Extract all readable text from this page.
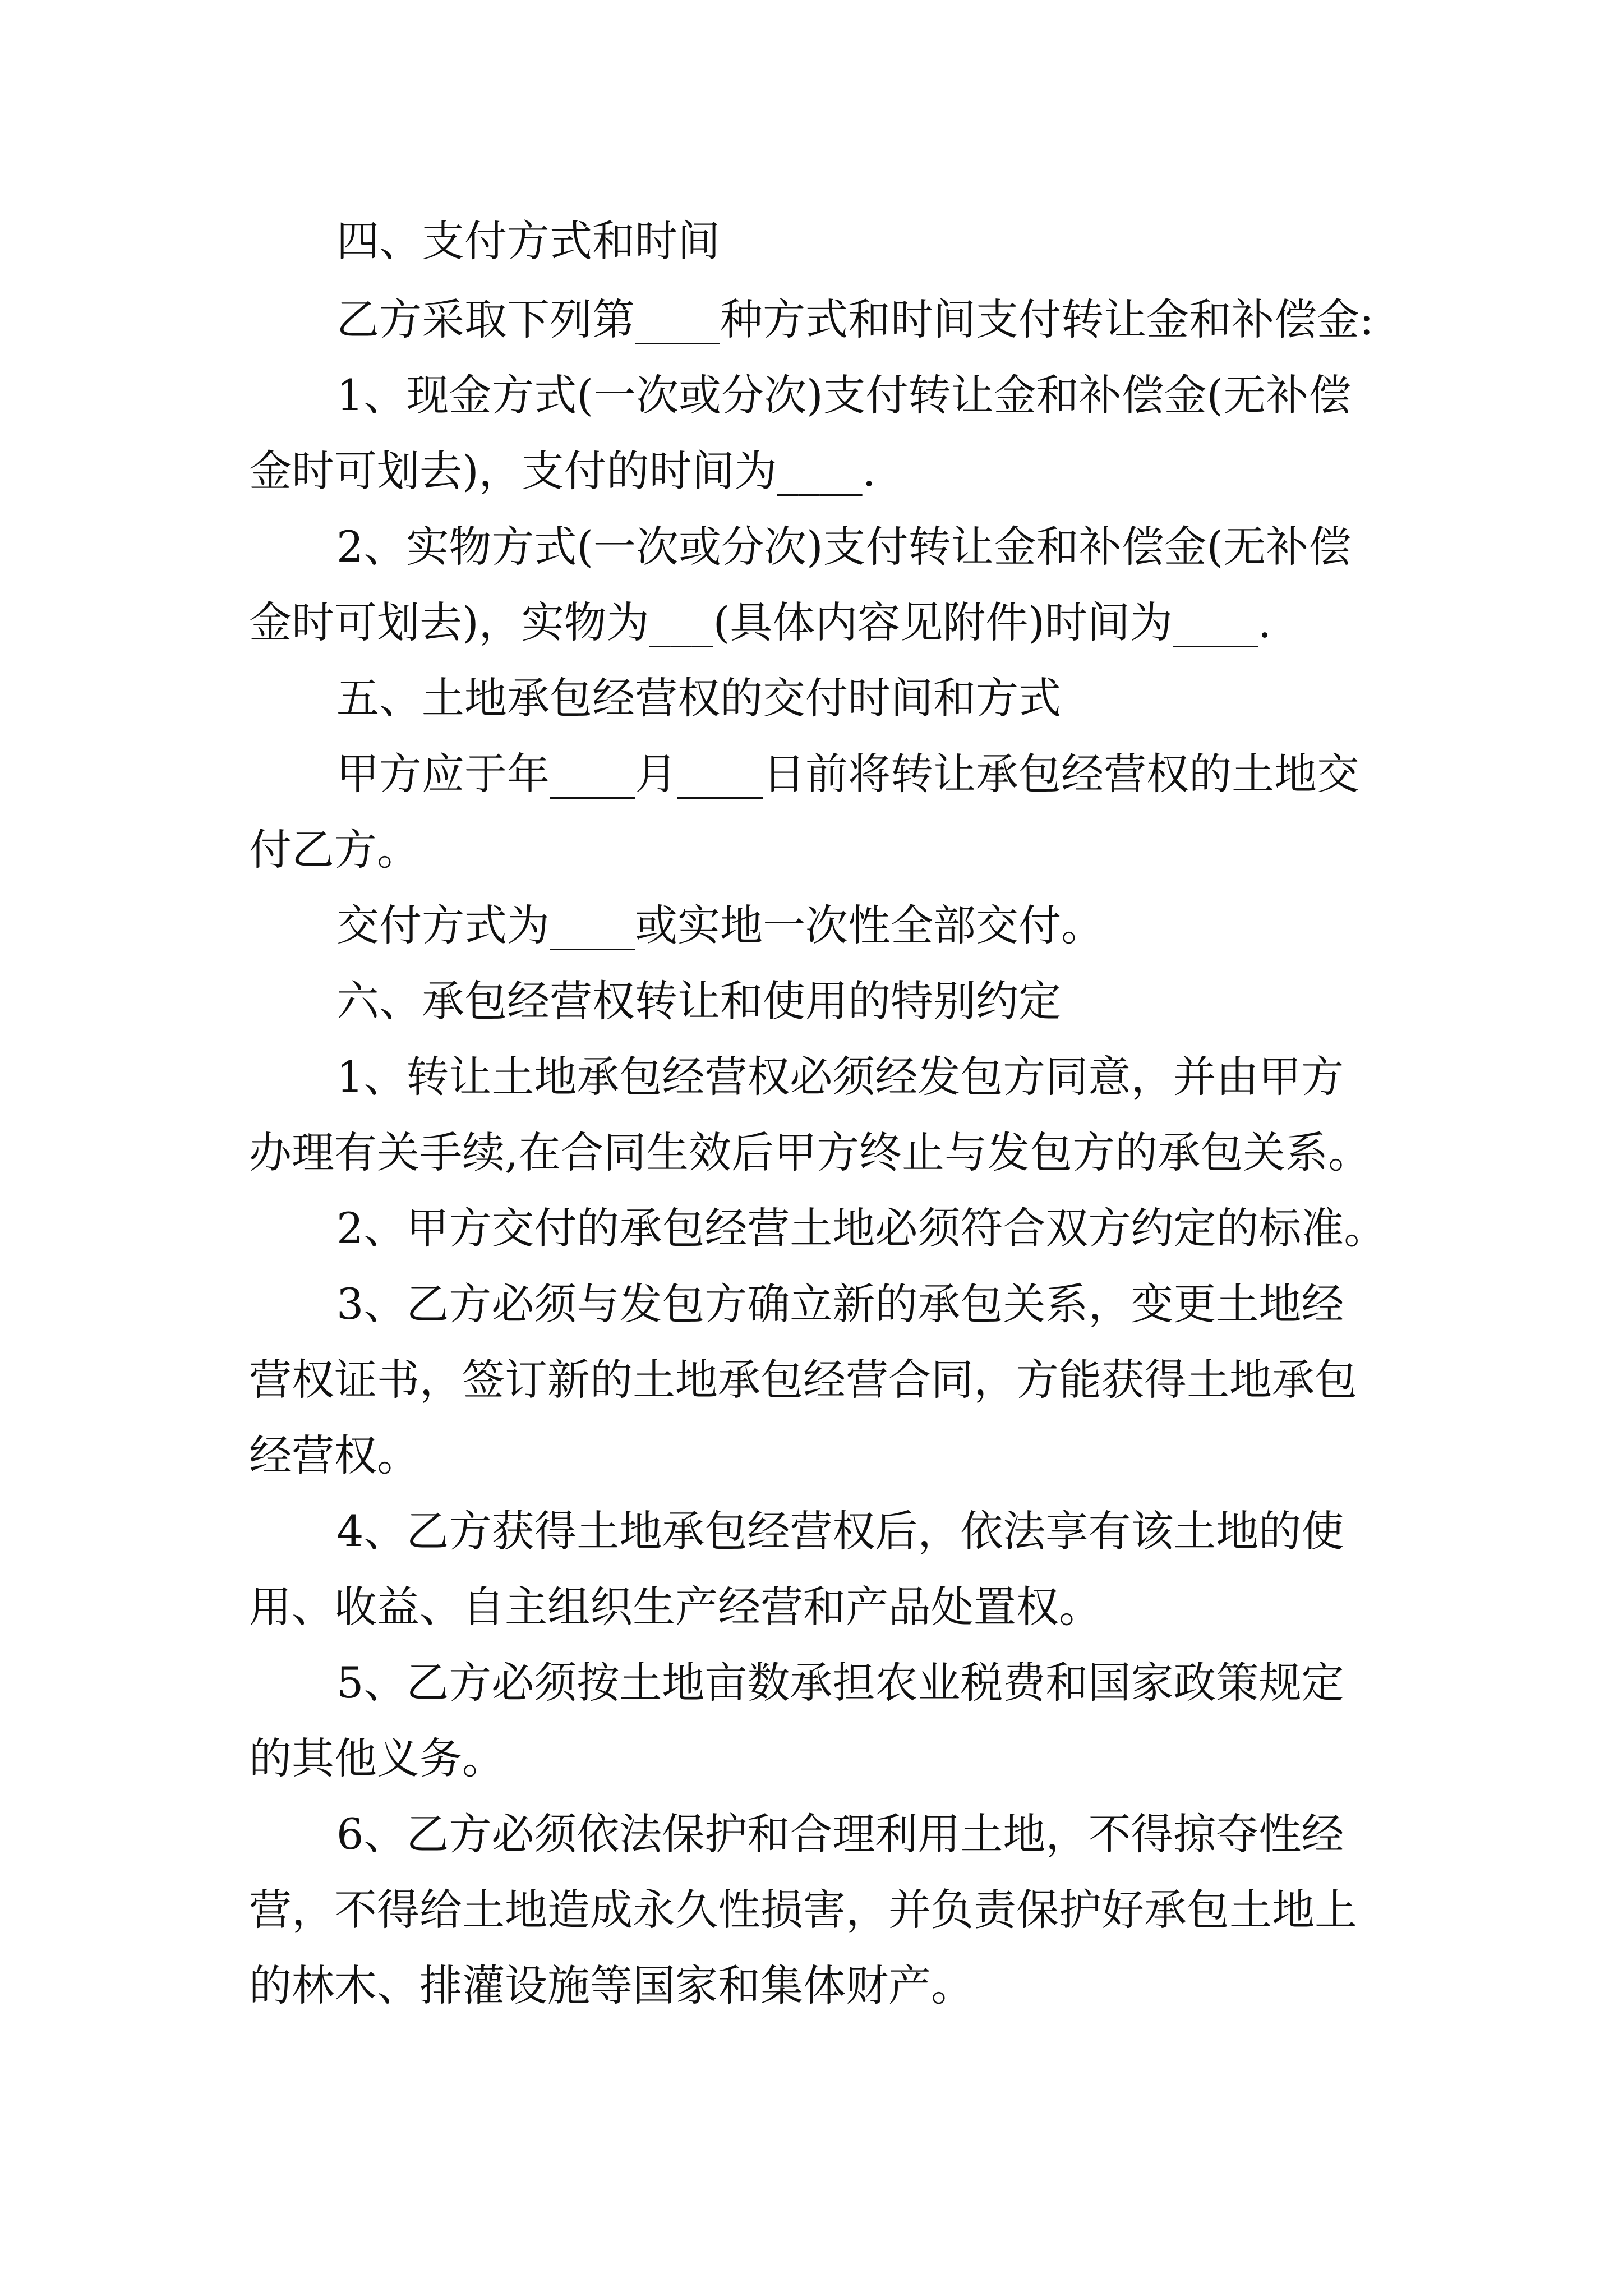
四、支付方式和时间

乙方采取下列第____种方式和时间支付转让金和补偿金:

1、现金方式(一次或分次)支付转让金和补偿金(无补偿

金时可划去)，支付的时间为____.

2、实物方式(一次或分次)支付转让金和补偿金(无补偿

金时可划去)，实物为___(具体内容见附件)时间为____.

五、土地承包经营权的交付时间和方式

甲方应于年____月____日前将转让承包经营权的土地交

付乙方。

交付方式为____或实地一次性全部交付。

六、承包经营权转让和使用的特别约定

1、转让土地承包经营权必须经发包方同意，并由甲方

办理有关手续,在合同生效后甲方终止与发包方的承包关系。

2、甲方交付的承包经营土地必须符合双方约定的标准。

3、乙方必须与发包方确立新的承包关系，变更土地经

营权证书，签订新的土地承包经营合同，方能获得土地承包

经营权。

4、乙方获得土地承包经营权后，依法享有该土地的使

用、收益、自主组织生产经营和产品处置权。

5、乙方必须按土地亩数承担农业税费和国家政策规定

的其他义务。

6、乙方必须依法保护和合理利用土地，不得掠夺性经

营，不得给土地造成永久性损害，并负责保护好承包土地上

的林木、排灌设施等国家和集体财产。
